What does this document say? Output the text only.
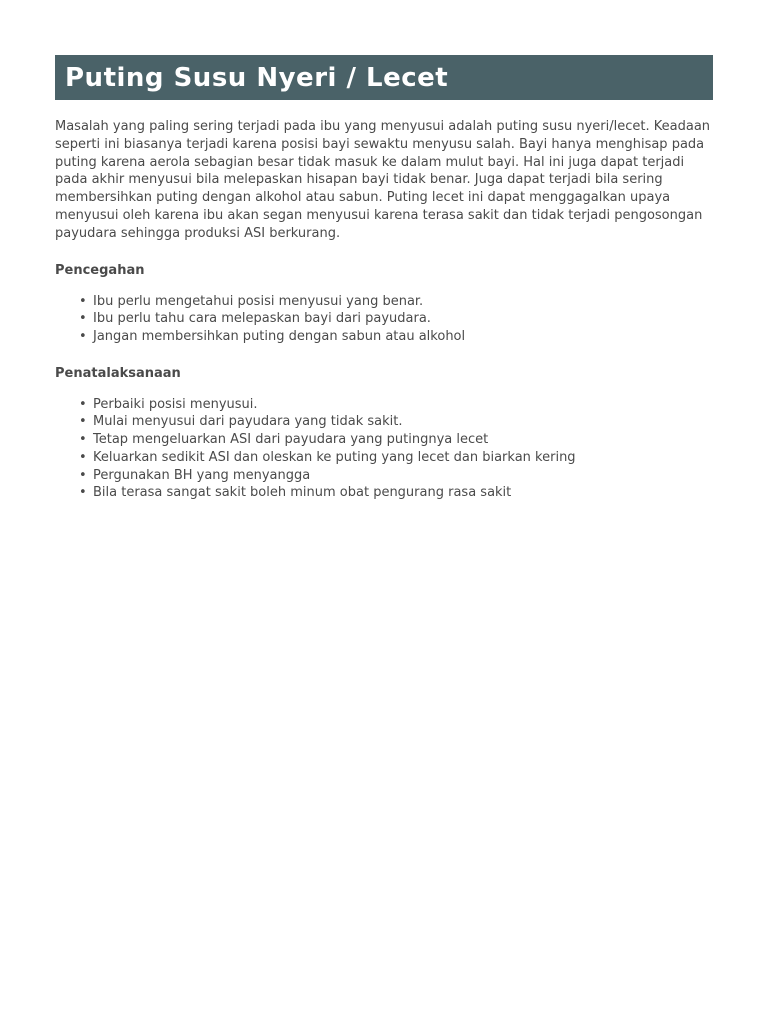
Puting Susu Nyeri / Lecet

Masalah yang paling sering terjadi pada ibu yang menyusui adalah puting susu nyeri/lecet. Keadaan seperti ini biasanya terjadi karena posisi bayi sewaktu menyusu salah. Bayi hanya menghisap pada puting karena aerola sebagian besar tidak masuk ke dalam mulut bayi. Hal ini juga dapat terjadi pada akhir menyusui bila melepaskan hisapan bayi tidak benar. Juga dapat terjadi bila sering membersihkan puting dengan alkohol atau sabun. Puting lecet ini dapat menggagalkan upaya menyusui oleh karena ibu akan segan menyusui karena terasa sakit dan tidak terjadi pengosongan payudara sehingga produksi ASI berkurang.

Pencegahan
• Ibu perlu mengetahui posisi menyusui yang benar.
• Ibu perlu tahu cara melepaskan bayi dari payudara.
• Jangan membersihkan puting dengan sabun atau alkohol
Penatalaksanaan
• Perbaiki posisi menyusui.
• Mulai menyusui dari payudara yang tidak sakit.
• Tetap mengeluarkan ASI dari payudara yang putingnya lecet
• Keluarkan sedikit ASI dan oleskan ke puting yang lecet dan biarkan kering
• Pergunakan BH yang menyangga
• Bila terasa sangat sakit boleh minum obat pengurang rasa sakit
